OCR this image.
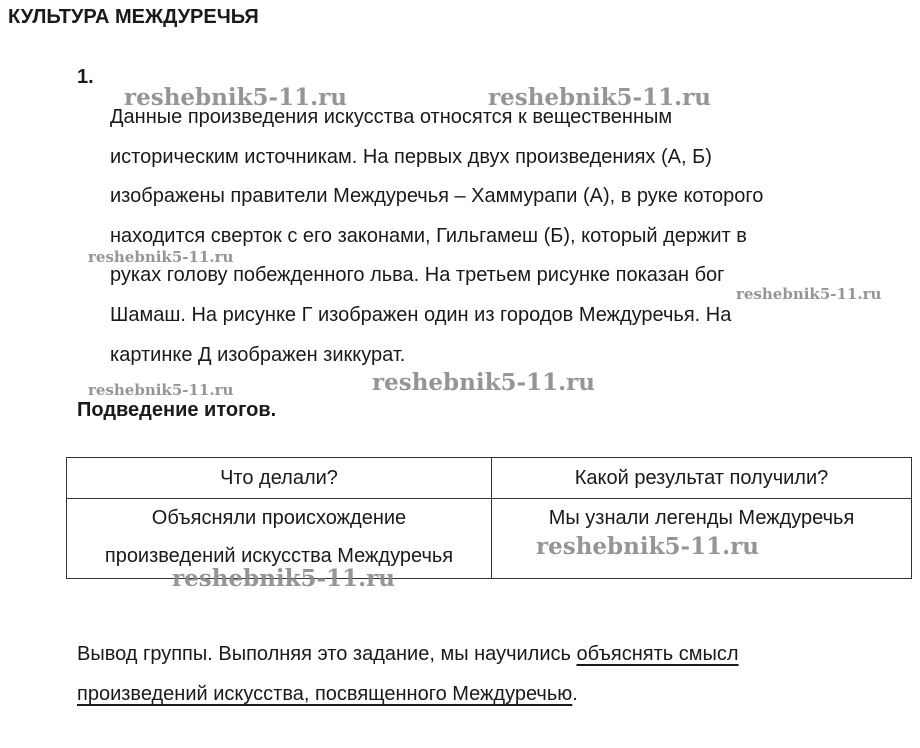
КУЛЬТУРА МЕЖДУРЕЧЬЯ
1.
Данные произведения искусства относятся к вещественным
историческим источникам. На первых двух произведениях (А, Б)
изображены правители Междуречья – Хаммурапи (А), в руке которого
находится сверток с его законами, Гильгамеш (Б), который держит в
руках голову побежденного льва. На третьем рисунке показан бог
Шамаш. На рисунке Г изображен один из городов Междуречья. На
картинке Д изображен зиккурат.
Подведение итогов.
Что делали?	Какой результат получили?

Объясняли происхождение
произведений искусства Междуречья	Мы узнали легенды Междуречья
Вывод группы. Выполняя это задание, мы научились объяснять смысл
произведений искусства, посвященного Междуречью.
reshebnik5-11.ru	reshebnik5-11.ru
reshebnik5-11.ru
reshebnik5-11.ru
reshebnik5-11.ru	reshebnik5-11.ru
reshebnik5-11.ru
reshebnik5-11.ru
